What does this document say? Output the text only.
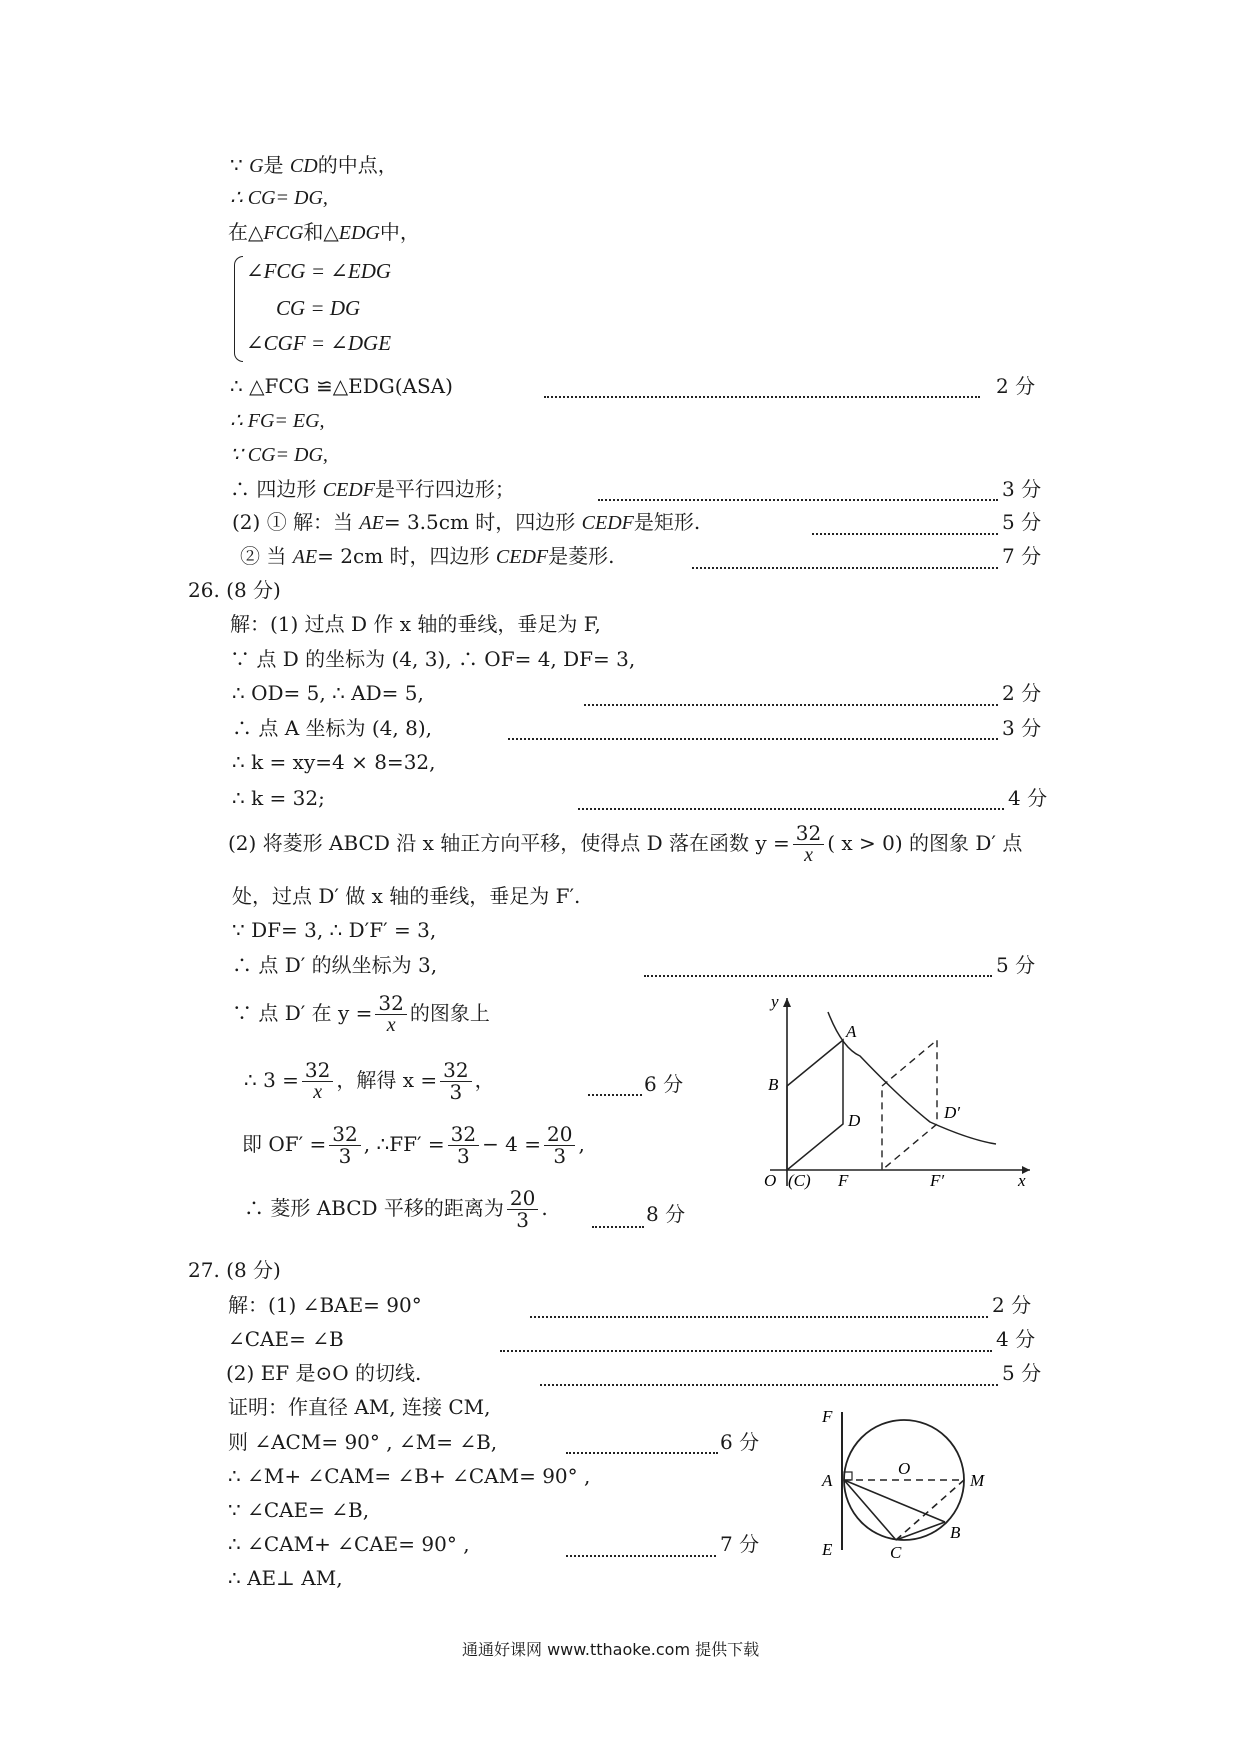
∵ G是 CD的中点，
∴ CG= DG,
在△FCG和△EDG中，
∠FCG = ∠EDG
CG = DG
∠CGF = ∠DGE
∴ △FCG ≌△EDG(ASA)	2 分
∴ FG= EG,
∵ CG= DG,
∴ 四边形 CEDF是平行四边形；	3 分
(2) ① 解：当 AE= 3.5cm 时，四边形 CEDF是矩形.	5 分
② 当 AE= 2cm 时，四边形 CEDF是菱形.	7 分
26. (8 分)
解：(1) 过点 D 作 x 轴的垂线，垂足为 F,
∵ 点 D 的坐标为 (4, 3), ∴ OF= 4, DF= 3,
∴ OD= 5, ∴ AD= 5,	2 分
∴ 点 A 坐标为 (4, 8),	3 分
∴ k = xy=4 × 8=32,
∴ k = 32;	4 分
(2) 将菱形 ABCD 沿 x 轴正方向平移，使得点 D 落在函数 $y = \frac{32}{x}$ ( x > 0) 的图象 D′ 点
处，过点 D′ 做 x 轴的垂线，垂足为 F′.
∵ DF= 3, ∴ D′F′ = 3,
∴ 点 D′ 的纵坐标为 3,	5 分
∵ 点 D′ 在 $y = \frac{32}{x}$ 的图象上
∴ $3 = \frac{32}{x}$ ，解得 $x = \frac{32}{3}$ ，	6 分
即 $OF' = \frac{32}{3}$ , ∴FF′ = $\frac{32}{3} - 4 = \frac{20}{3}$ ,
∴ 菱形 ABCD 平移的距离为 $\frac{20}{3}$ .	8 分
y
x
A
B
D	D′
O (C) F	F′
27. (8 分)
解：(1) ∠BAE= 90°	2 分
∠CAE= ∠B	4 分
(2) EF 是⊙O 的切线.	5 分
证明：作直径 AM, 连接 CM,
则 ∠ACM= 90° , ∠M= ∠B,	6 分
∴ ∠M+ ∠CAM= ∠B+ ∠CAM= 90° ,
∵ ∠CAE= ∠B,
∴ ∠CAM+ ∠CAE= 90° ,	7 分
∴ AE⊥ AM,
F
A
E
O
M
B
C
通通好课网 www.tthaoke.com 提供下载
